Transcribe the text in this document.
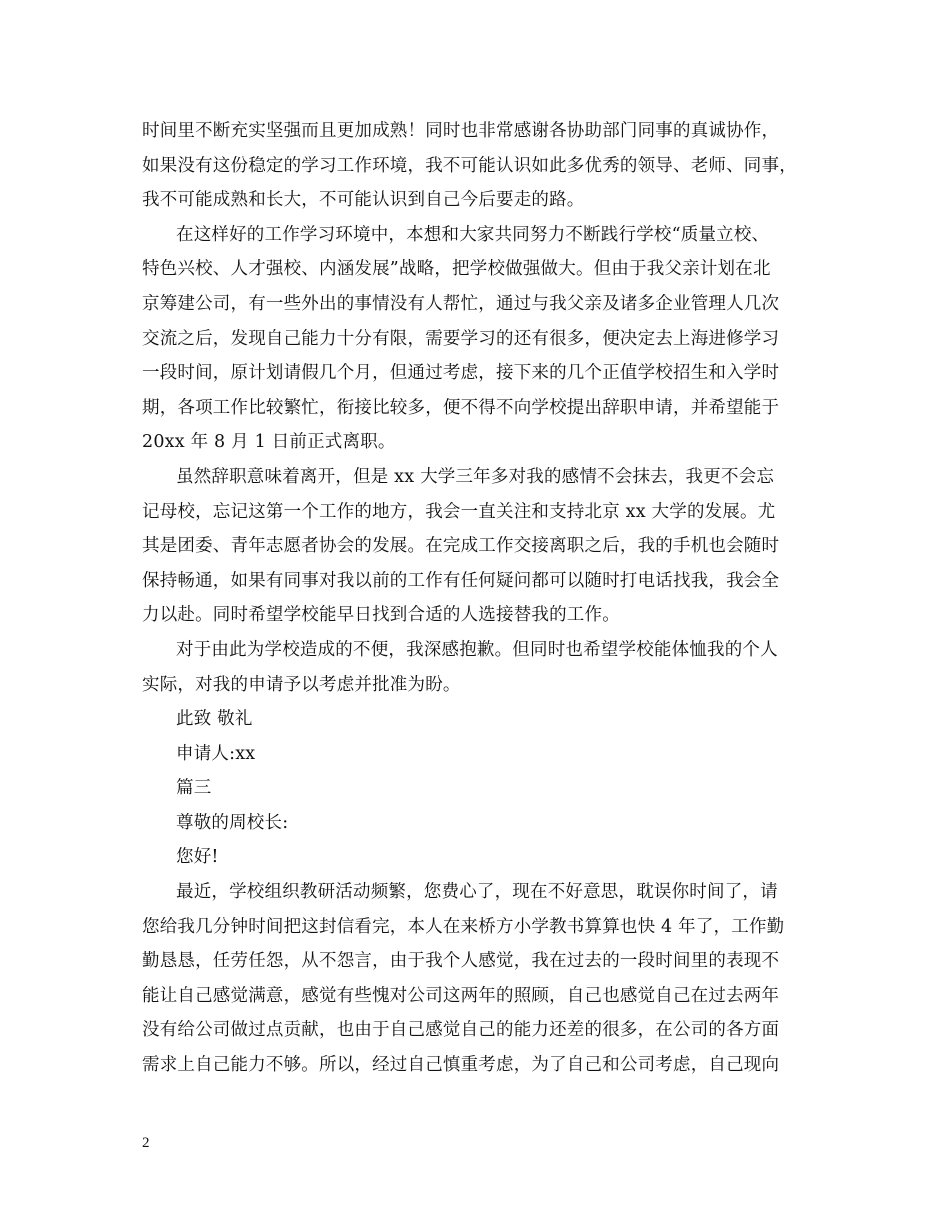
时间里不断充实坚强而且更加成熟！同时也非常感谢各协助部门同事的真诚协作，
如果没有这份稳定的学习工作环境，我不可能认识如此多优秀的领导、老师、同事，
我不可能成熟和长大，不可能认识到自己今后要走的路。
在这样好的工作学习环境中，本想和大家共同努力不断践行学校“质量立校、
特色兴校、人才强校、内涵发展”战略，把学校做强做大。但由于我父亲计划在北
京筹建公司，有一些外出的事情没有人帮忙，通过与我父亲及诸多企业管理人几次
交流之后，发现自己能力十分有限，需要学习的还有很多，便决定去上海进修学习
一段时间，原计划请假几个月，但通过考虑，接下来的几个正值学校招生和入学时
期，各项工作比较繁忙，衔接比较多，便不得不向学校提出辞职申请，并希望能于
20xx 年 8 月 1 日前正式离职。
虽然辞职意味着离开，但是 xx 大学三年多对我的感情不会抹去，我更不会忘
记母校，忘记这第一个工作的地方，我会一直关注和支持北京 xx 大学的发展。尤
其是团委、青年志愿者协会的发展。在完成工作交接离职之后，我的手机也会随时
保持畅通，如果有同事对我以前的工作有任何疑问都可以随时打电话找我，我会全
力以赴。同时希望学校能早日找到合适的人选接替我的工作。
对于由此为学校造成的不便，我深感抱歉。但同时也希望学校能体恤我的个人
实际，对我的申请予以考虑并批准为盼。
此致 敬礼
申请人:xx
篇三
尊敬的周校长:
您好!
最近，学校组织教研活动频繁，您费心了，现在不好意思，耽误你时间了，请
您给我几分钟时间把这封信看完，本人在来桥方小学教书算算也快 4 年了，工作勤
勤恳恳，任劳任怨，从不怨言，由于我个人感觉，我在过去的一段时间里的表现不
能让自己感觉满意，感觉有些愧对公司这两年的照顾，自己也感觉自己在过去两年
没有给公司做过点贡献，也由于自己感觉自己的能力还差的很多，在公司的各方面
需求上自己能力不够。所以，经过自己慎重考虑，为了自己和公司考虑，自己现向
2
